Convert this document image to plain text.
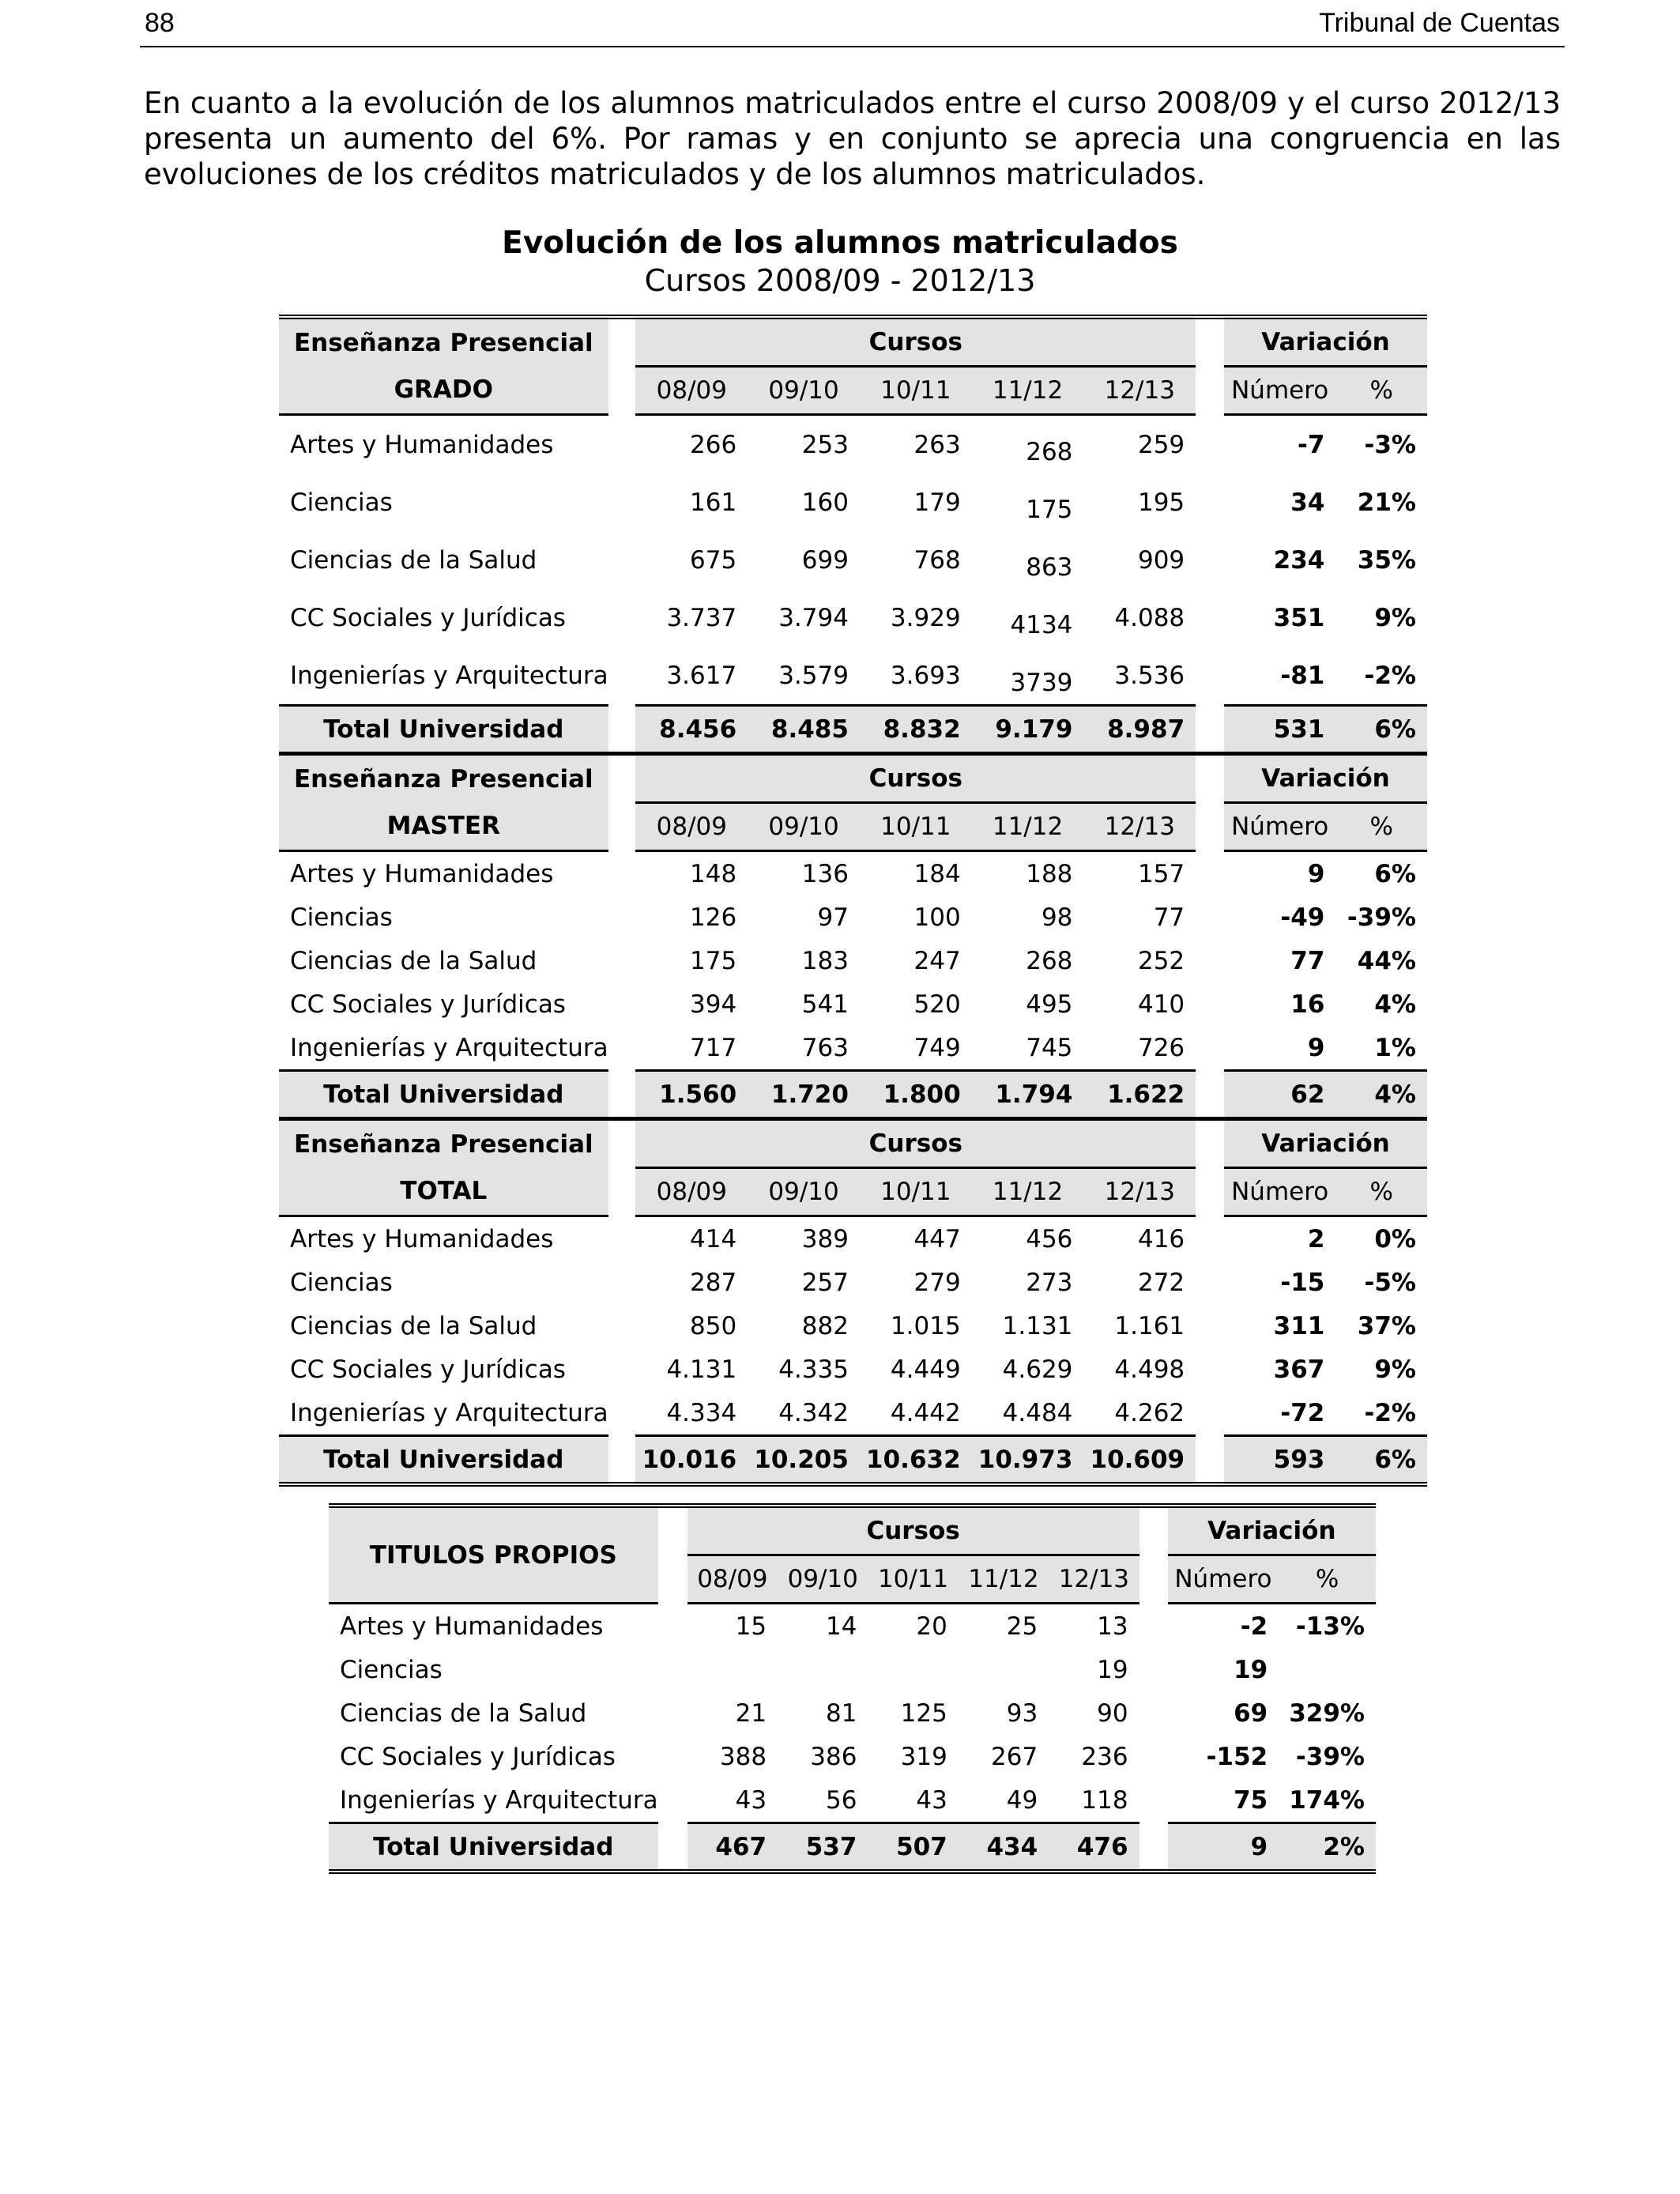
88	Tribunal de Cuentas

En cuanto a la evolución de los alumnos matriculados entre el curso 2008/09 y el curso 2012/13 presenta un aumento del 6%. Por ramas y en conjunto se aprecia una congruencia en las evoluciones de los créditos matriculados y de los alumnos matriculados.

Evolución de los alumnos matriculados
Cursos 2008/09 - 2012/13
Enseñanza Presencial		Cursos						Variación	
GRADO		08/09	09/10	10/11	11/12	12/13		Número	%
Artes y Humanidades		266	253	263	268	259		-7	-3%
Ciencias		161	160	179	175	195		34	21%
Ciencias de la Salud		675	699	768	863	909		234	35%
CC Sociales y Jurídicas		3.737	3.794	3.929	4134	4.088		351	9%
Ingenierías y Arquitectura		3.617	3.579	3.693	3739	3.536		-81	-2%
Total Universidad		8.456	8.485	8.832	9.179	8.987		531	6%
Enseñanza Presencial		Cursos						Variación	
MASTER		08/09	09/10	10/11	11/12	12/13		Número	%
Artes y Humanidades		148	136	184	188	157		9	6%
Ciencias		126	97	100	98	77		-49	-39%
Ciencias de la Salud		175	183	247	268	252		77	44%
CC Sociales y Jurídicas		394	541	520	495	410		16	4%
Ingenierías y Arquitectura		717	763	749	745	726		9	1%
Total Universidad		1.560	1.720	1.800	1.794	1.622		62	4%
Enseñanza Presencial		Cursos						Variación	
TOTAL		08/09	09/10	10/11	11/12	12/13		Número	%
Artes y Humanidades		414	389	447	456	416		2	0%
Ciencias		287	257	279	273	272		-15	-5%
Ciencias de la Salud		850	882	1.015	1.131	1.161		311	37%
CC Sociales y Jurídicas		4.131	4.335	4.449	4.629	4.498		367	9%
Ingenierías y Arquitectura		4.334	4.342	4.442	4.484	4.262		-72	-2%
Total Universidad		10.016	10.205	10.632	10.973	10.609		593	6%
TITULOS PROPIOS		Cursos						Variación	
		08/09	09/10	10/11	11/12	12/13		Número	%
Artes y Humanidades		15	14	20	25	13		-2	-13%
Ciencias						19		19	
Ciencias de la Salud		21	81	125	93	90		69	329%
CC Sociales y Jurídicas		388	386	319	267	236		-152	-39%
Ingenierías y Arquitectura		43	56	43	49	118		75	174%
Total Universidad		467	537	507	434	476		9	2%
